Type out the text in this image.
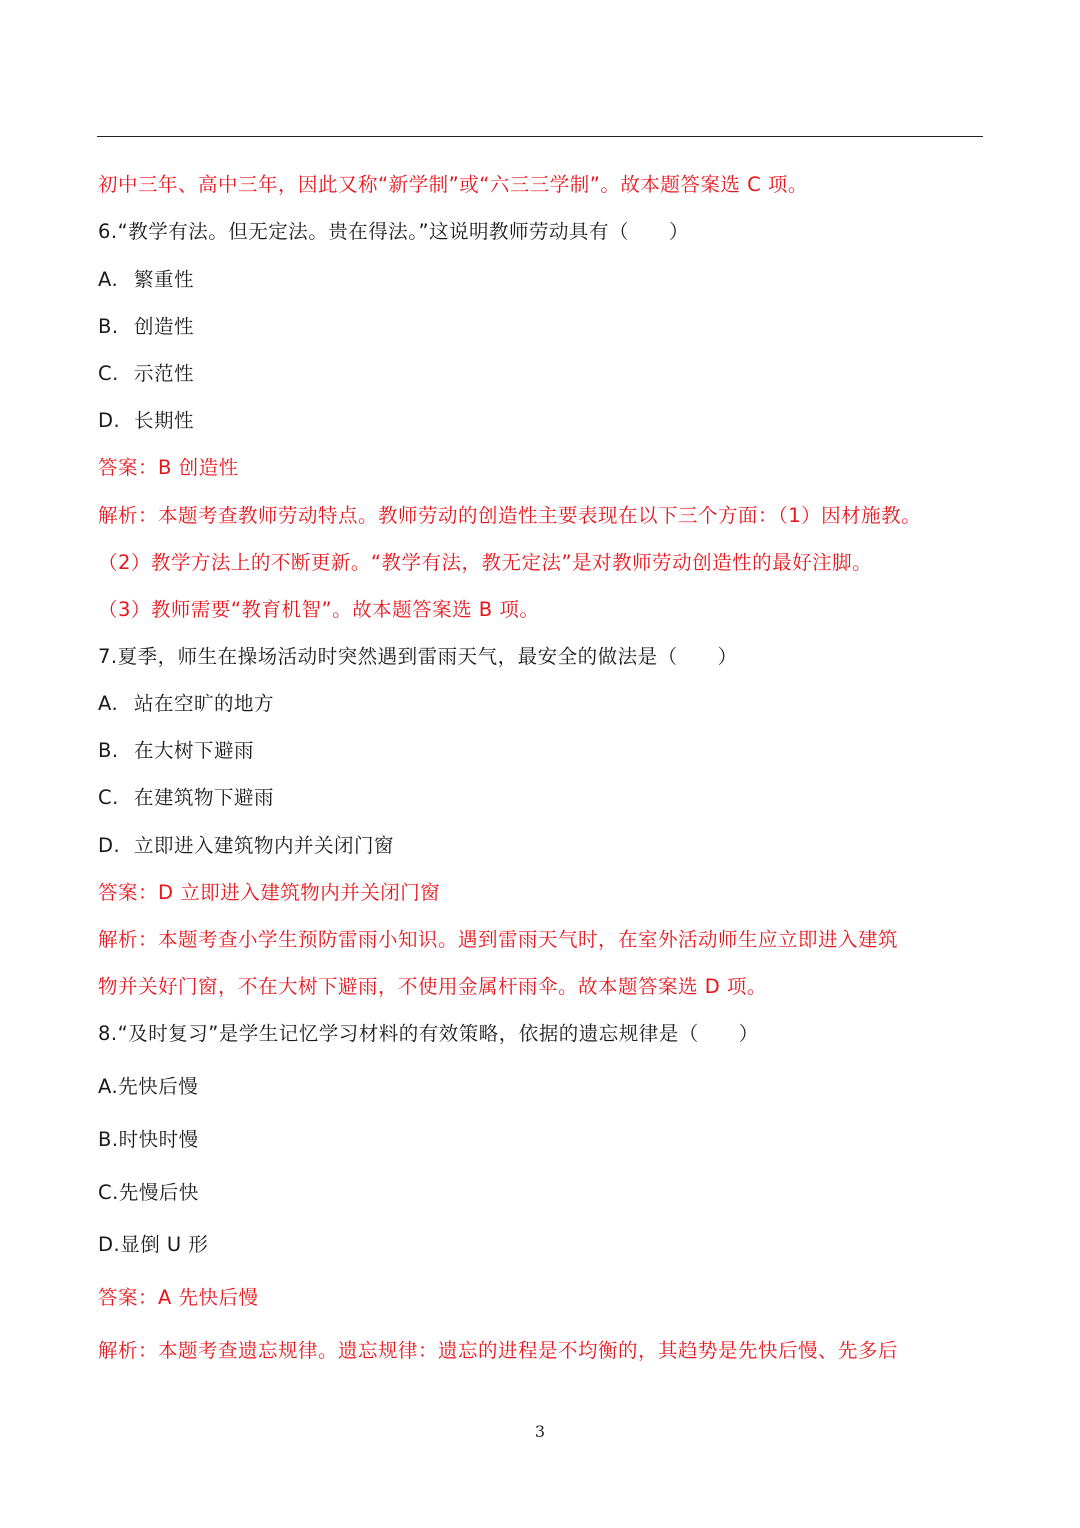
初中三年、高中三年，因此又称“新学制”或“六三三学制”。故本题答案选 C 项。
6.“教学有法。但无定法。贵在得法。”这说明教师劳动具有（　　）
A. 繁重性
B. 创造性
C. 示范性
D. 长期性
答案：B 创造性
解析：本题考查教师劳动特点。教师劳动的创造性主要表现在以下三个方面：（1）因材施教。
（2）教学方法上的不断更新。“教学有法，教无定法”是对教师劳动创造性的最好注脚。
（3）教师需要“教育机智”。故本题答案选 B 项。
7.夏季，师生在操场活动时突然遇到雷雨天气，最安全的做法是（　　）
A. 站在空旷的地方
B. 在大树下避雨
C. 在建筑物下避雨
D. 立即进入建筑物内并关闭门窗
答案：D 立即进入建筑物内并关闭门窗
解析：本题考查小学生预防雷雨小知识。遇到雷雨天气时，在室外活动师生应立即进入建筑
物并关好门窗，不在大树下避雨，不使用金属杆雨伞。故本题答案选 D 项。
8.“及时复习”是学生记忆学习材料的有效策略，依据的遗忘规律是（　　）
A.先快后慢
B.时快时慢
C.先慢后快
D.显倒 U 形
答案：A 先快后慢
解析：本题考查遗忘规律。遗忘规律：遗忘的进程是不均衡的，其趋势是先快后慢、先多后
3
